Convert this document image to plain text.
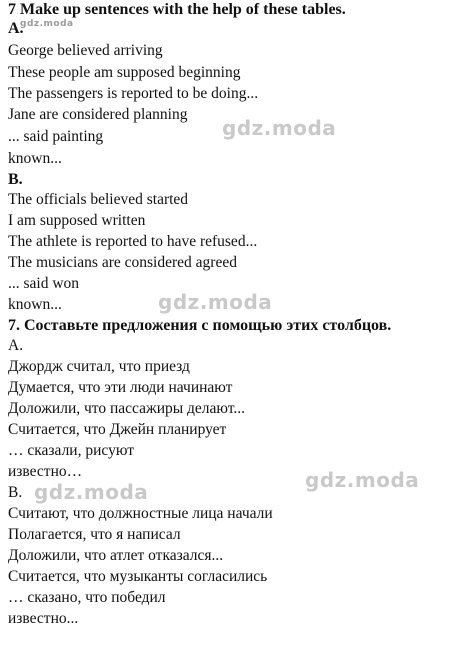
7 Make up sentences with the help of these tables.
A.
George believed arriving
These people am supposed beginning
The passengers is reported to be doing...
Jane are considered planning
... said painting
known...
B.
The officials believed started
I am supposed written
The athlete is reported to have refused...
The musicians are considered agreed
... said won
known...
7. Составьте предложения с помощью этих столбцов.
А.
Джордж считал, что приезд
Думается, что эти люди начинают
Доложили, что пассажиры делают...
Считается, что Джейн планирует
… сказали, рисуют
известно…
В.
Считают, что должностные лица начали
Полагается, что я написал
Доложили, что атлет отказался...
Считается, что музыканты согласились
… сказано, что победил
известно...
gdz.moda
gdz.moda
gdz.moda
gdz.moda
gdz.moda
